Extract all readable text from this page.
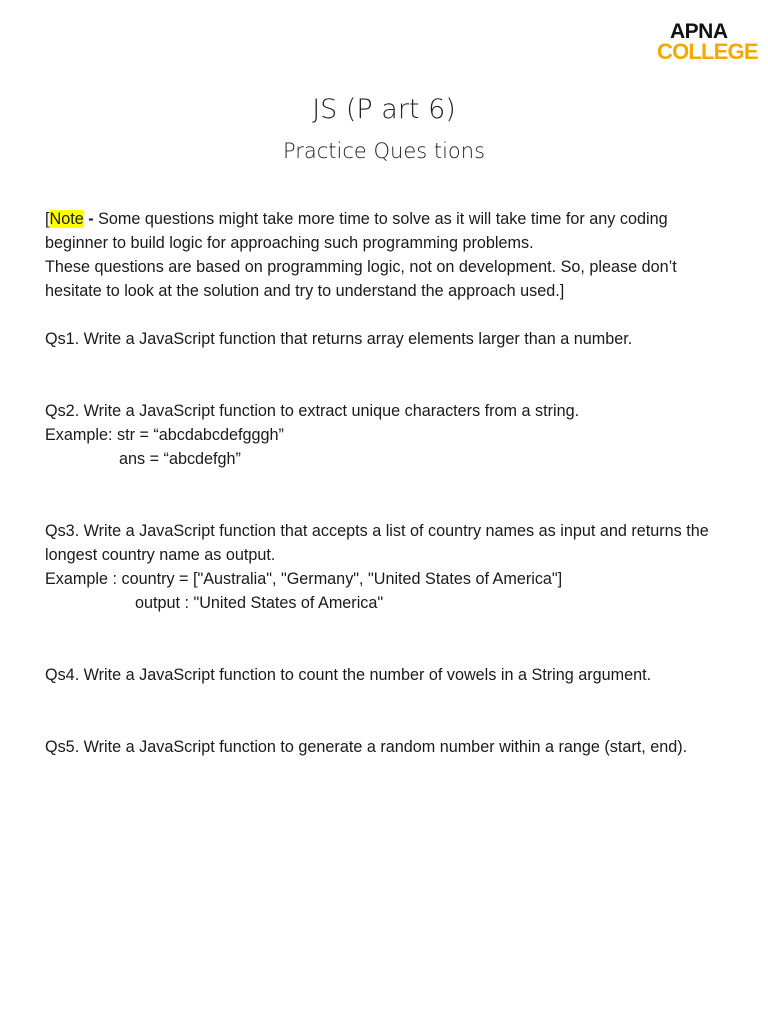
APNA
COLLEGE
JS (P art 6)
Practice Ques tions

[Note - Some questions might take more time to solve as it will take time for any coding beginner to build logic for approaching such programming problems.

These questions are based on programming logic, not on development. So, please don’t hesitate to look at the solution and try to understand the approach used.]

Qs1. Write a JavaScript function that returns array elements larger than a number.

Qs2. Write a JavaScript function to extract unique characters from a string.

Example: str = “abcdabcdefgggh”

ans = “abcdefgh”

Qs3. Write a JavaScript function that accepts a list of country names as input and returns the longest country name as output.

Example : country = ["Australia", "Germany", "United States of America"]

output : "United States of America"

Qs4. Write a JavaScript function to count the number of vowels in a String argument.

Qs5. Write a JavaScript function to generate a random number within a range (start, end).
